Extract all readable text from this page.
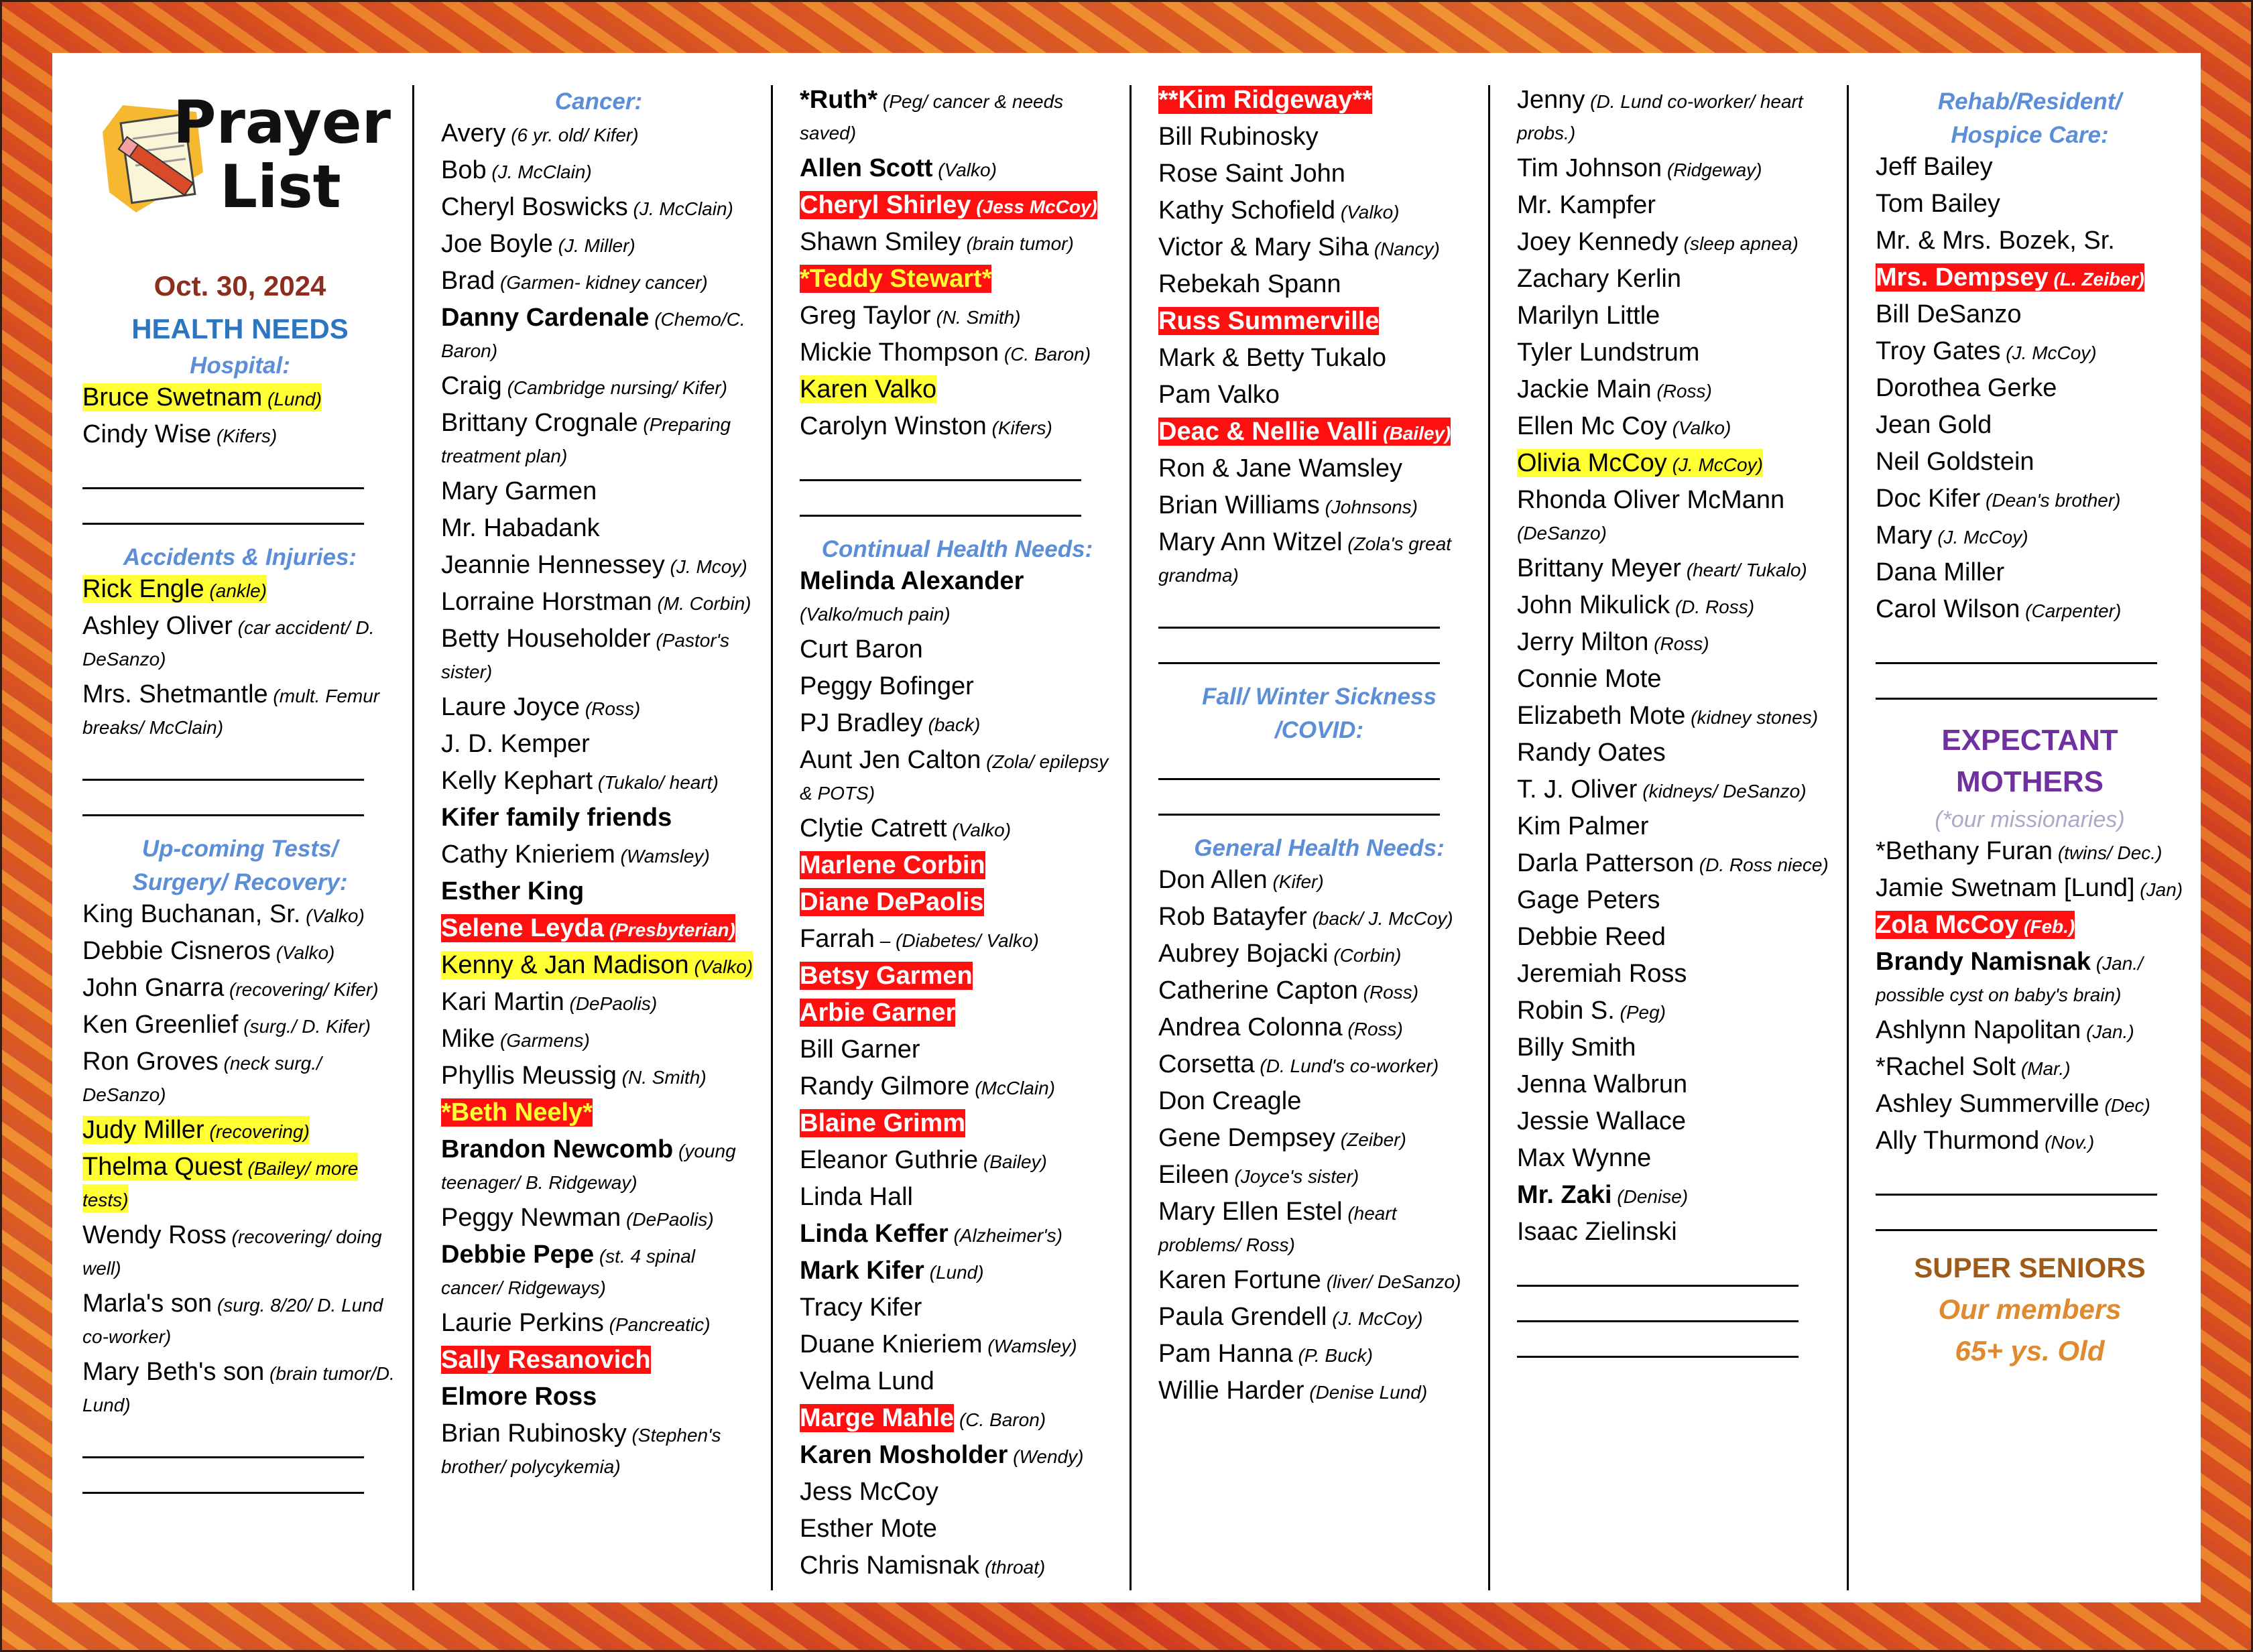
Prayer
List
Oct. 30, 2024
HEALTH NEEDS

Hospital:

Bruce Swetnam (Lund)
Cindy Wise (Kifers)

Accidents & Injuries:

Rick Engle (ankle)
Ashley Oliver (car accident/ D. DeSanzo)
Mrs. Shetmantle (mult. Femur breaks/ McClain)

Up-coming Tests/ Surgery/ Recovery:

King Buchanan, Sr. (Valko)
Debbie Cisneros (Valko)
John Gnarra (recovering/ Kifer)
Ken Greenlief (surg./ D. Kifer)
Ron Groves (neck surg./ DeSanzo)
Judy Miller (recovering)
Thelma Quest (Bailey/ more tests)
Wendy Ross (recovering/ doing well)
Marla's son (surg. 8/20/ D. Lund co-worker)
Mary Beth's son (brain tumor/D. Lund)

Cancer:

Avery (6 yr. old/ Kifer)
Bob (J. McClain)
Cheryl Boswicks (J. McClain)
Joe Boyle (J. Miller)
Brad (Garmen- kidney cancer)
Danny Cardenale (Chemo/C. Baron)
Craig (Cambridge nursing/ Kifer)
Brittany Crognale (Preparing treatment plan)
Mary Garmen
Mr. Habadank
Jeannie Hennessey (J. Mcoy)
Lorraine Horstman (M. Corbin)
Betty Householder (Pastor's sister)
Laure Joyce (Ross)
J. D. Kemper
Kelly Kephart (Tukalo/ heart)
Kifer family friends
Cathy Knieriem (Wamsley)
Esther King
Selene Leyda (Presbyterian)
Kenny & Jan Madison (Valko)
Kari Martin (DePaolis)
Mike (Garmens)
Phyllis Meussig (N. Smith)
*Beth Neely*
Brandon Newcomb (young teenager/ B. Ridgeway)
Peggy Newman (DePaolis)
Debbie Pepe (st. 4 spinal cancer/ Ridgeways)
Laurie Perkins (Pancreatic)
Sally Resanovich
Elmore Ross
Brian Rubinosky (Stephen's brother/ polycykemia)
*Ruth* (Peg/ cancer & needs saved)
Allen Scott (Valko)
Cheryl Shirley (Jess McCoy)
Shawn Smiley (brain tumor)
*Teddy Stewart*
Greg Taylor (N. Smith)
Mickie Thompson (C. Baron)
Karen Valko
Carolyn Winston (Kifers)

Continual Health Needs:

Melinda Alexander (Valko/much pain)
Curt Baron
Peggy Bofinger
PJ Bradley (back)
Aunt Jen Calton (Zola/ epilepsy & POTS)
Clytie Catrett (Valko)
Marlene Corbin
Diane DePaolis
Farrah – (Diabetes/ Valko)
Betsy Garmen
Arbie Garner
Bill Garner
Randy Gilmore (McClain)
Blaine Grimm
Eleanor Guthrie (Bailey)
Linda Hall
Linda Keffer (Alzheimer's)
Mark Kifer (Lund)
Tracy Kifer
Duane Knieriem (Wamsley)
Velma Lund
Marge Mahle (C. Baron)
Karen Mosholder (Wendy)
Jess McCoy
Esther Mote
Chris Namisnak (throat)
**Kim Ridgeway**
Bill Rubinosky
Rose Saint John
Kathy Schofield (Valko)
Victor & Mary Siha (Nancy)
Rebekah Spann
Russ Summerville
Mark & Betty Tukalo
Pam Valko
Deac & Nellie Valli (Bailey)
Ron & Jane Wamsley
Brian Williams (Johnsons)
Mary Ann Witzel (Zola's great grandma)

Fall/ Winter Sickness /COVID:

General Health Needs:

Don Allen (Kifer)
Rob Batayfer (back/ J. McCoy)
Aubrey Bojacki (Corbin)
Catherine Capton (Ross)
Andrea Colonna (Ross)
Corsetta (D. Lund's co-worker)
Don Creagle
Gene Dempsey (Zeiber)
Eileen (Joyce's sister)
Mary Ellen Estel (heart problems/ Ross)
Karen Fortune (liver/ DeSanzo)
Paula Grendell (J. McCoy)
Pam Hanna (P. Buck)
Willie Harder (Denise Lund)
Jenny (D. Lund co-worker/ heart probs.)
Tim Johnson (Ridgeway)
Mr. Kampfer
Joey Kennedy (sleep apnea)
Zachary Kerlin
Marilyn Little
Tyler Lundstrum
Jackie Main (Ross)
Ellen Mc Coy (Valko)
Olivia McCoy (J. McCoy)
Rhonda Oliver McMann (DeSanzo)
Brittany Meyer (heart/ Tukalo)
John Mikulick (D. Ross)
Jerry Milton (Ross)
Connie Mote
Elizabeth Mote (kidney stones)
Randy Oates
T. J. Oliver (kidneys/ DeSanzo)
Kim Palmer
Darla Patterson (D. Ross niece)
Gage Peters
Debbie Reed
Jeremiah Ross
Robin S. (Peg)
Billy Smith
Jenna Walbrun
Jessie Wallace
Max Wynne
Mr. Zaki (Denise)
Isaac Zielinski

Rehab/Resident/ Hospice Care:

Jeff Bailey
Tom Bailey
Mr. & Mrs. Bozek, Sr.
Mrs. Dempsey (L. Zeiber)
Bill DeSanzo
Troy Gates (J. McCoy)
Dorothea Gerke
Jean Gold
Neil Goldstein
Doc Kifer (Dean's brother)
Mary (J. McCoy)
Dana Miller
Carol Wilson (Carpenter)
EXPECTANT
MOTHERS
(*our missionaries)
*Bethany Furan (twins/ Dec.)
Jamie Swetnam [Lund] (Jan)
Zola McCoy (Feb.)
Brandy Namisnak (Jan./ possible cyst on baby's brain)
Ashlynn Napolitan (Jan.)
*Rachel Solt (Mar.)
Ashley Summerville (Dec)
Ally Thurmond (Nov.)
SUPER SENIORS
Our members
65+ ys. Old
